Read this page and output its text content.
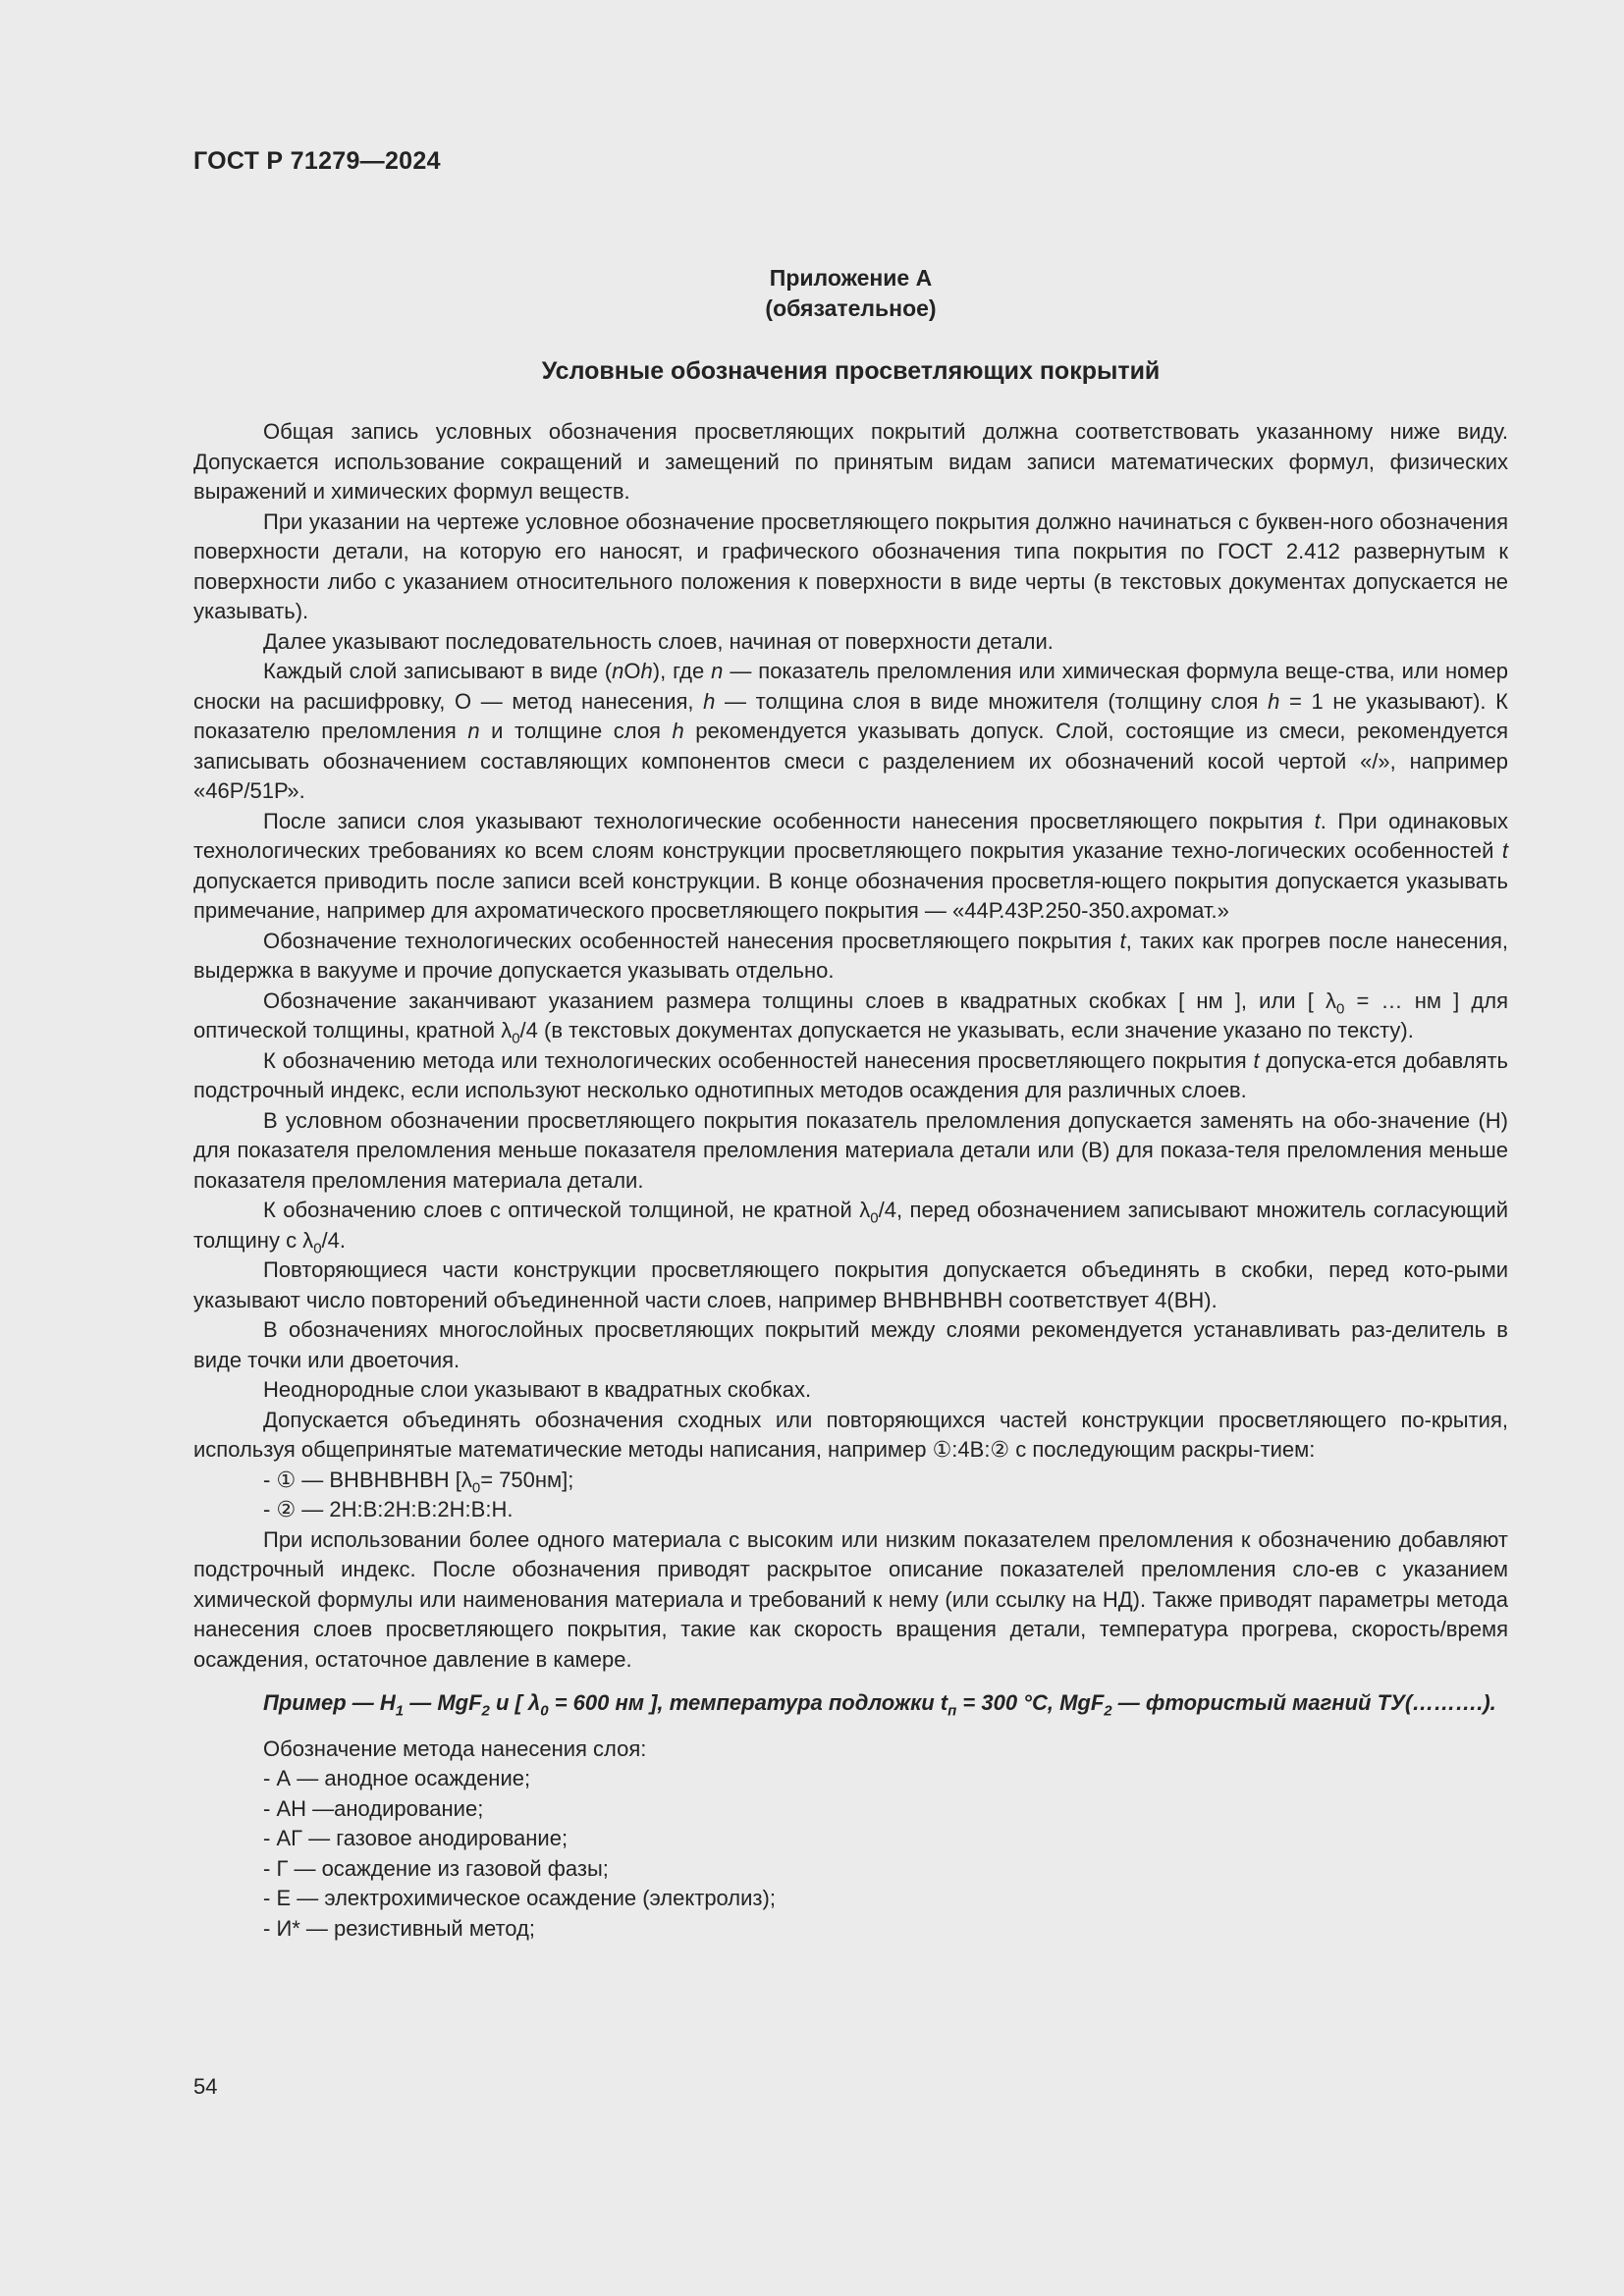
ГОСТ Р 71279—2024
Приложение А
(обязательное)
Условные обозначения просветляющих покрытий

Общая запись условных обозначения просветляющих покрытий должна соответствовать указанному ниже виду. Допускается использование сокращений и замещений по принятым видам записи математических формул, физических выражений и химических формул веществ.

При указании на чертеже условное обозначение просветляющего покрытия должно начинаться с буквен-ного обозначения поверхности детали, на которую его наносят, и графического обозначения типа покрытия по ГОСТ 2.412 развернутым к поверхности либо с указанием относительного положения к поверхности в виде черты (в текстовых документах допускается не указывать).

Далее указывают последовательность слоев, начиная от поверхности детали.

Каждый слой записывают в виде (nOh), где n — показатель преломления или химическая формула веще-ства, или номер сноски на расшифровку, O — метод нанесения, h — толщина слоя в виде множителя (толщину слоя h = 1 не указывают). К показателю преломления n и толщине слоя h рекомендуется указывать допуск. Слой, состоящие из смеси, рекомендуется записывать обозначением составляющих компонентов смеси с разделением их обозначений косой чертой «/», например «46Р/51Р».

После записи слоя указывают технологические особенности нанесения просветляющего покрытия t. При одинаковых технологических требованиях ко всем слоям конструкции просветляющего покрытия указание техно-логических особенностей t допускается приводить после записи всей конструкции. В конце обозначения просветля-ющего покрытия допускается указывать примечание, например для ахроматического просветляющего покрытия — «44Р.43Р.250-350.ахромат.»

Обозначение технологических особенностей нанесения просветляющего покрытия t, таких как прогрев после нанесения, выдержка в вакууме и прочие допускается указывать отдельно.

Обозначение заканчивают указанием размера толщины слоев в квадратных скобках [ нм ], или [ $\lambda_0$ = … нм ] для оптической толщины, кратной $\lambda_0/4$ (в текстовых документах допускается не указывать, если значение указано по тексту).

К обозначению метода или технологических особенностей нанесения просветляющего покрытия t допуска-ется добавлять подстрочный индекс, если используют несколько однотипных методов осаждения для различных слоев.

В условном обозначении просветляющего покрытия показатель преломления допускается заменять на обо-значение (Н) для показателя преломления меньше показателя преломления материала детали или (В) для показа-теля преломления меньше показателя преломления материала детали.

К обозначению слоев с оптической толщиной, не кратной $\lambda_0/4$, перед обозначением записывают множитель согласующий толщину с $\lambda_0/4$.

Повторяющиеся части конструкции просветляющего покрытия допускается объединять в скобки, перед кото-рыми указывают число повторений объединенной части слоев, например ВНВНВНВН соответствует 4(ВН).

В обозначениях многослойных просветляющих покрытий между слоями рекомендуется устанавливать раз-делитель в виде точки или двоеточия.

Неоднородные слои указывают в квадратных скобках.

Допускается объединять обозначения сходных или повторяющихся частей конструкции просветляющего по-крытия, используя общепринятые математические методы написания, например ①:4В:② с последующим раскры-тием:

- ① — ВНВНВНВН $[\lambda_0= 750нм]$;

- ② — 2Н:В:2Н:В:2Н:В:Н.

При использовании более одного материала с высоким или низким показателем преломления к обозначению добавляют подстрочный индекс. После обозначения приводят раскрытое описание показателей преломления сло-ев с указанием химической формулы или наименования материала и требований к нему (или ссылку на НД). Также приводят параметры метода нанесения слоев просветляющего покрытия, такие как скорость вращения детали, температура прогрева, скорость/время осаждения, остаточное давление в камере.

Пример — $Н_1$ — MgF$_2$ и [ $\lambda_0 = 600$ нм ], температура подложки $t_п = 300$ °C, MgF$_2$ — фтористый магний ТУ(……….).

Обозначение метода нанесения слоя:

- А — анодное осаждение;

- АН —анодирование;

- АГ — газовое анодирование;

- Г — осаждение из газовой фазы;

- Е — электрохимическое осаждение (электролиз);

- И* — резистивный метод;

54
